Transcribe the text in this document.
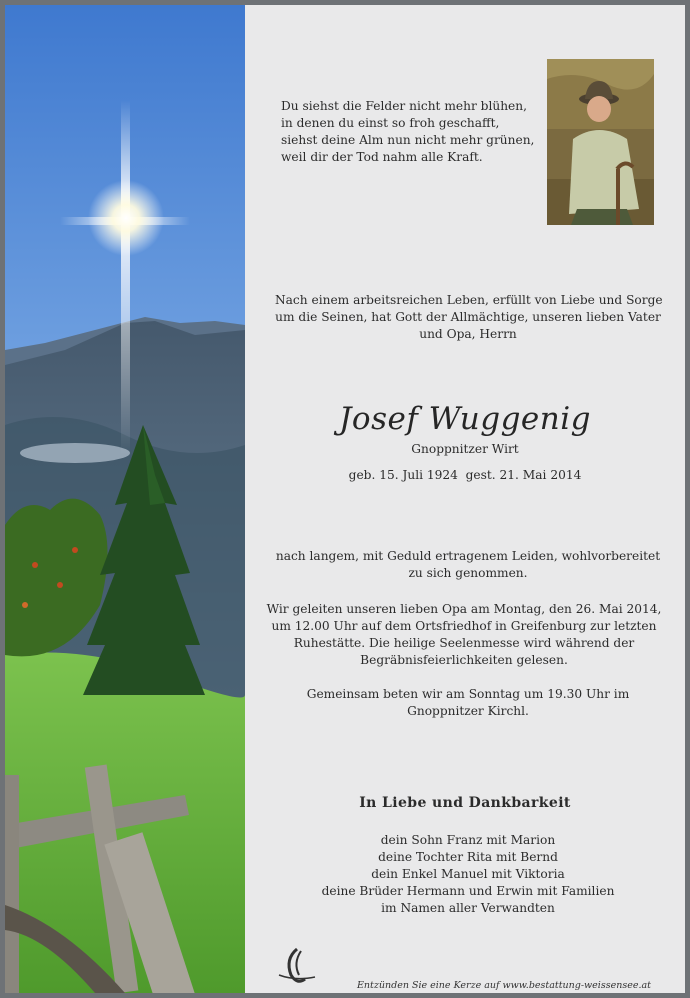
Du siehst die Felder nicht mehr blühen,
in denen du einst so froh geschafft,
siehst deine Alm nun nicht mehr grünen,
weil dir der Tod nahm alle Kraft.
Nach einem arbeitsreichen Leben, erfüllt von Liebe und Sorge
um die Seinen, hat Gott der Allmächtige, unseren lieben Vater
und Opa, Herrn
Josef Wuggenig
Gnoppnitzer Wirt
geb. 15. Juli 1924  gest. 21. Mai 2014
nach langem, mit Geduld ertragenem Leiden, wohlvorbereitet
zu sich genommen.
Wir geleiten unseren lieben Opa am Montag, den 26. Mai 2014,
um 12.00 Uhr auf dem Ortsfriedhof in Greifenburg zur letzten
Ruhestätte. Die heilige Seelenmesse wird während der
Begräbnisfeierlichkeiten gelesen.
Gemeinsam beten wir am Sonntag um 19.30 Uhr im
Gnoppnitzer Kirchl.
In Liebe und Dankbarkeit
dein Sohn Franz mit Marion
deine Tochter Rita mit Bernd
dein Enkel Manuel mit Viktoria
deine Brüder Hermann und Erwin mit Familien
im Namen aller Verwandten
Entzünden Sie eine Kerze auf www.bestattung-weissensee.at
